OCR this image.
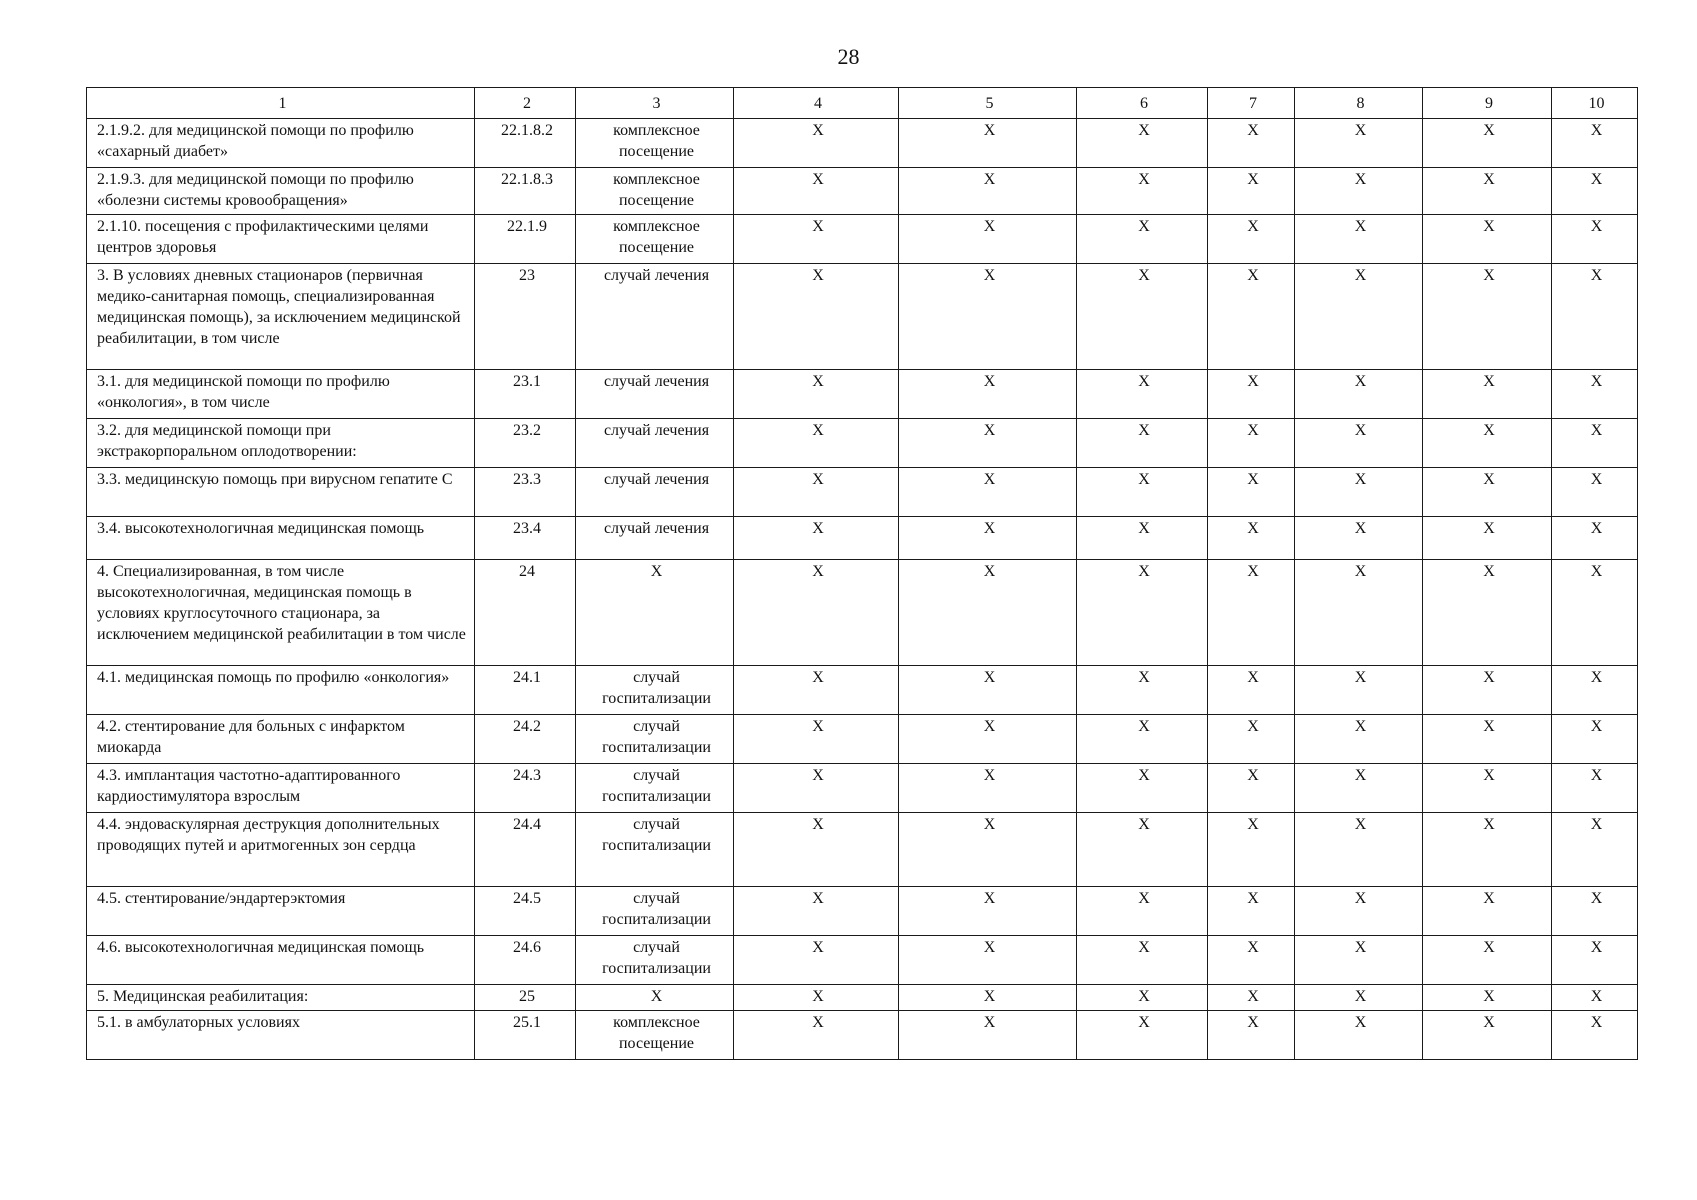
28
1	2	3	4	5	6	7	8	9	10
2.1.9.2. для медицинской помощи по профилю «сахарный диабет»	22.1.8.2	комплексное посещение	Х	Х	Х	Х	Х	Х	Х
2.1.9.3. для медицинской помощи по профилю «болезни системы кровообращения»	22.1.8.3	комплексное посещение	Х	Х	Х	Х	Х	Х	Х
2.1.10. посещения с профилактическими целями центров здоровья	22.1.9	комплексное посещение	Х	Х	Х	Х	Х	Х	Х
3. В условиях дневных стационаров (первичная медико-санитарная помощь, специализированная медицинская помощь), за исключением медицинской реабилитации, в том числе	23	случай лечения	Х	Х	Х	Х	Х	Х	Х
3.1. для медицинской помощи по профилю «онкология», в том числе	23.1	случай лечения	Х	Х	Х	Х	Х	Х	Х
3.2. для медицинской помощи при экстракорпоральном оплодотворении:	23.2	случай лечения	Х	Х	Х	Х	Х	Х	Х
3.3. медицинскую помощь при вирусном гепатите С	23.3	случай лечения	Х	Х	Х	Х	Х	Х	Х
3.4. высокотехнологичная медицинская помощь	23.4	случай лечения	Х	Х	Х	Х	Х	Х	Х
4. Специализированная, в том числе высокотехнологичная, медицинская помощь в условиях круглосуточного стационара, за исключением медицинской реабилитации в том числе	24	Х	Х	Х	Х	Х	Х	Х	Х
4.1. медицинская помощь по профилю «онкология»	24.1	случай госпитализации	Х	Х	Х	Х	Х	Х	Х
4.2. стентирование для больных с инфарктом миокарда	24.2	случай госпитализации	Х	Х	Х	Х	Х	Х	Х
4.3. имплантация частотно-адаптированного кардиостимулятора взрослым	24.3	случай госпитализации	Х	Х	Х	Х	Х	Х	Х
4.4. эндоваскулярная деструкция дополнительных проводящих путей и аритмогенных зон сердца	24.4	случай госпитализации	Х	Х	Х	Х	Х	Х	Х
4.5. стентирование/эндартерэктомия	24.5	случай госпитализации	Х	Х	Х	Х	Х	Х	Х
4.6. высокотехнологичная медицинская помощь	24.6	случай госпитализации	Х	Х	Х	Х	Х	Х	Х
5. Медицинская реабилитация:	25	Х	Х	Х	Х	Х	Х	Х	Х
5.1. в амбулаторных условиях	25.1	комплексное посещение	Х	Х	Х	Х	Х	Х	Х
